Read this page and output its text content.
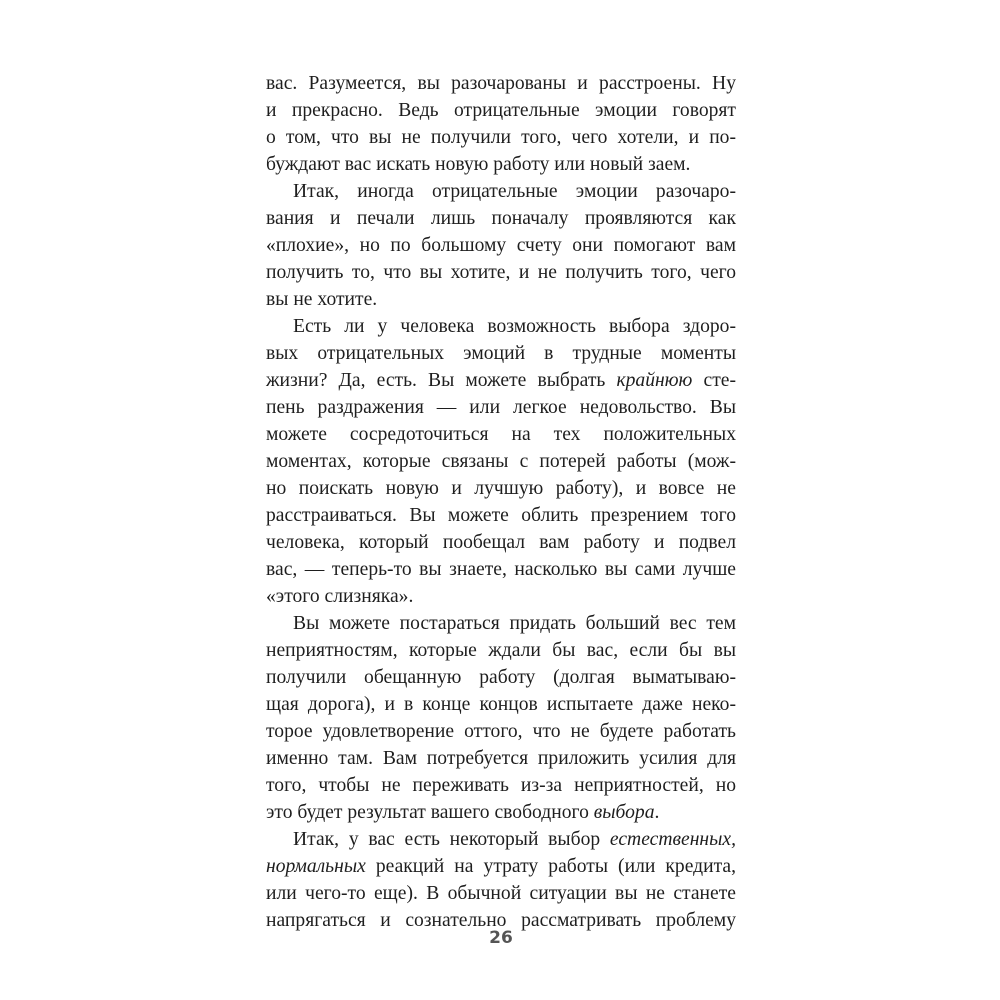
вас. Разумеется, вы разочарованы и расстроены. Ну
и прекрасно. Ведь отрицательные эмоции говорят
о том, что вы не получили того, чего хотели, и по-
буждают вас искать новую работу или новый заем.
Итак, иногда отрицательные эмоции разочаро-
вания и печали лишь поначалу проявляются как
«плохие», но по большому счету они помогают вам
получить то, что вы хотите, и не получить того, чего
вы не хотите.
Есть ли у человека возможность выбора здоро-
вых отрицательных эмоций в трудные моменты
жизни? Да, есть. Вы можете выбрать крайнюю сте-
пень раздражения — или легкое недовольство. Вы
можете сосредоточиться на тех положительных
моментах, которые связаны с потерей работы (мож-
но поискать новую и лучшую работу), и вовсе не
расстраиваться. Вы можете облить презрением того
человека, который пообещал вам работу и подвел
вас, — теперь-то вы знаете, насколько вы сами лучше
«этого слизняка».
Вы можете постараться придать больший вес тем
неприятностям, которые ждали бы вас, если бы вы
получили обещанную работу (долгая выматываю-
щая дорога), и в конце концов испытаете даже неко-
торое удовлетворение оттого, что не будете работать
именно там. Вам потребуется приложить усилия для
того, чтобы не переживать из-за неприятностей, но
это будет результат вашего свободного выбора.
Итак, у вас есть некоторый выбор естественных,
нормальных реакций на утрату работы (или кредита,
или чего-то еще). В обычной ситуации вы не станете
напрягаться и сознательно рассматривать проблему
26
